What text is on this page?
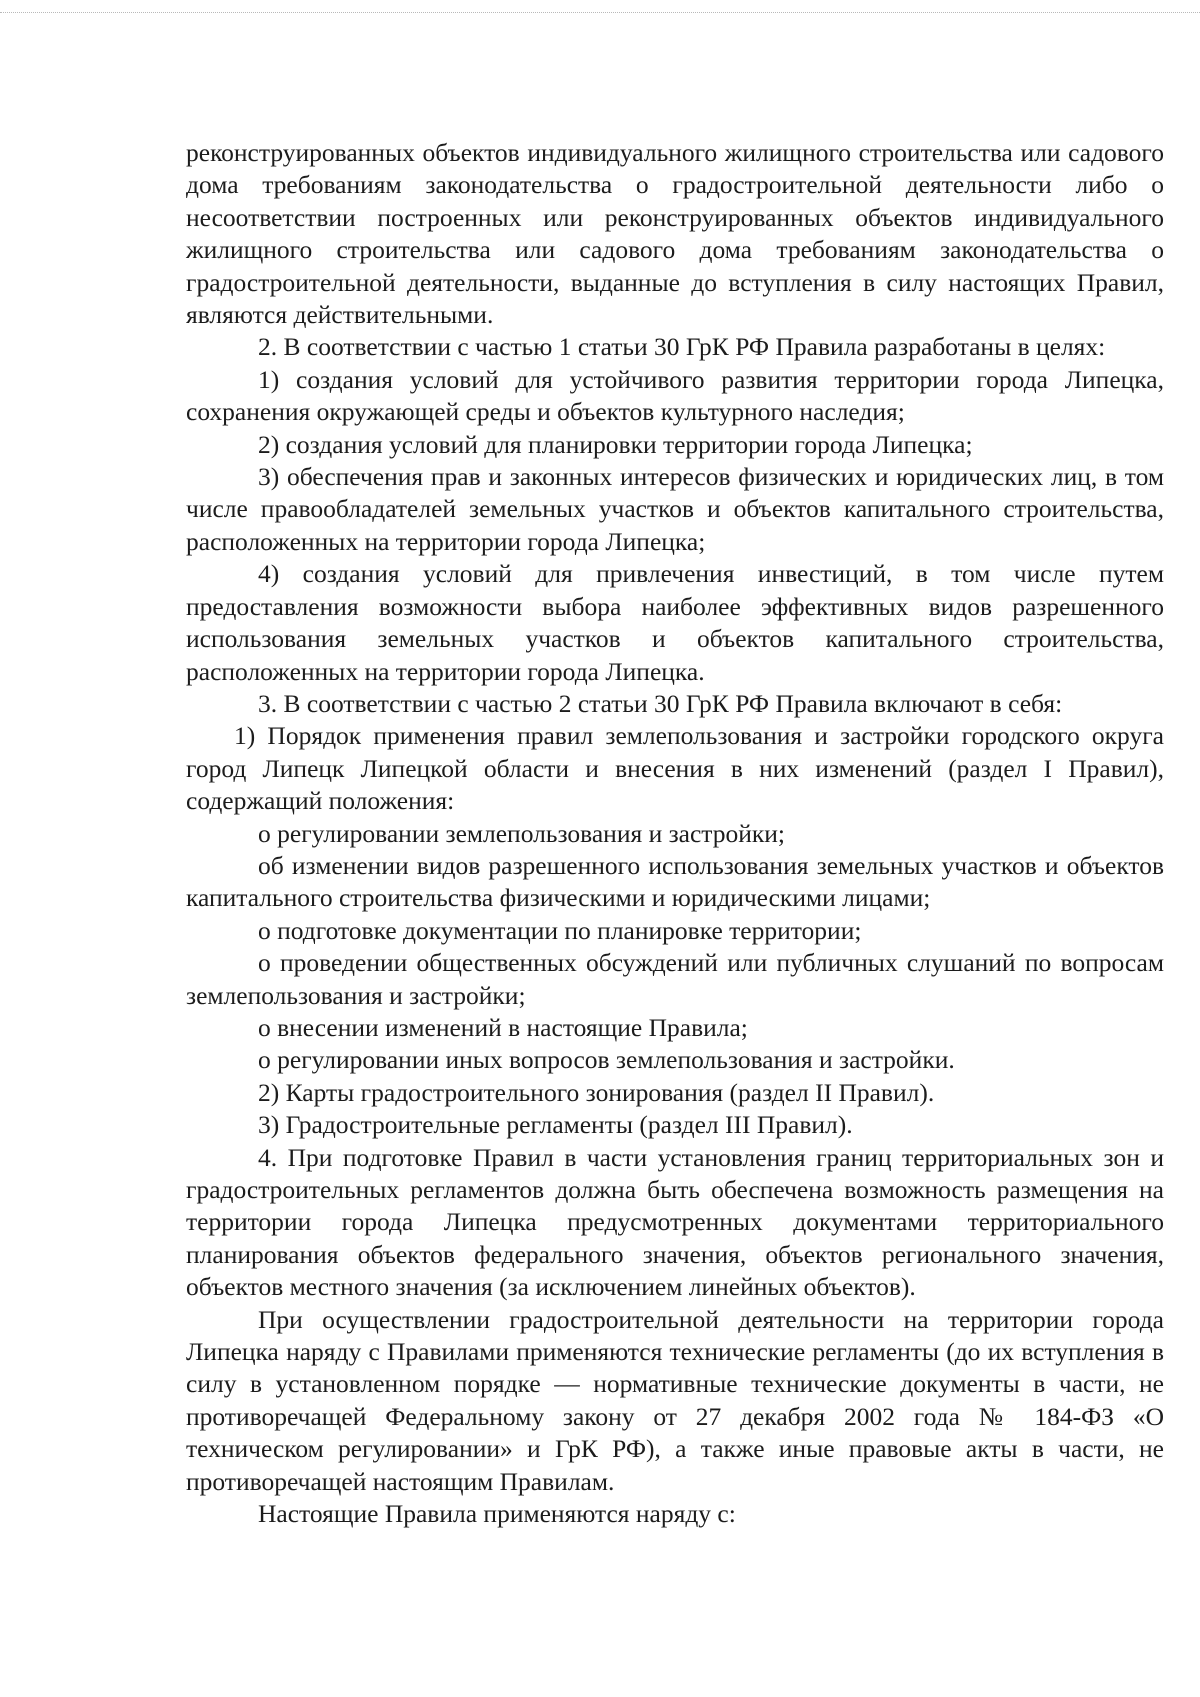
реконструированных объектов индивидуального жилищного строительства или садового дома требованиям законодательства о градостроительной деятельности либо о несоответствии построенных или реконструированных объектов индивидуального жилищного строительства или садового дома требованиям законодательства о градостроительной деятельности, выданные до вступления в силу настоящих Правил, являются действительными.

2. В соответствии с частью 1 статьи 30 ГрК РФ Правила разработаны в целях:

1) создания условий для устойчивого развития территории города Липецка, сохранения окружающей среды и объектов культурного наследия;

2) создания условий для планировки территории города Липецка;

3) обеспечения прав и законных интересов физических и юридических лиц, в том числе правообладателей земельных участков и объектов капитального строительства, расположенных на территории города Липецка;

4) создания условий для привлечения инвестиций, в том числе путем предоставления возможности выбора наиболее эффективных видов разрешенного использования земельных участков и объектов капитального строительства, расположенных на территории города Липецка.

3. В соответствии с частью 2 статьи 30 ГрК РФ Правила включают в себя:

1) Порядок применения правил землепользования и застройки городского округа город Липецк Липецкой области и внесения в них изменений (раздел I Правил), содержащий положения:

о регулировании землепользования и застройки;

об изменении видов разрешенного использования земельных участков и объектов капитального строительства физическими и юридическими лицами;

о подготовке документации по планировке территории;

о проведении общественных обсуждений или публичных слушаний по вопросам землепользования и застройки;

о внесении изменений в настоящие Правила;

о регулировании иных вопросов землепользования и застройки.

2) Карты градостроительного зонирования (раздел II Правил).

3) Градостроительные регламенты (раздел III Правил).

4. При подготовке Правил в части установления границ территориальных зон и градостроительных регламентов должна быть обеспечена возможность размещения на территории города Липецка предусмотренных документами территориального планирования объектов федерального значения, объектов регионального значения, объектов местного значения (за исключением линейных объектов).

При осуществлении градостроительной деятельности на территории города Липецка наряду с Правилами применяются технические регламенты (до их вступления в силу в установленном порядке — нормативные технические документы в части, не противоречащей Федеральному закону от 27 декабря 2002 года № 184-ФЗ «О техническом регулировании» и ГрК РФ), а также иные правовые акты в части, не противоречащей настоящим Правилам.

Настоящие Правила применяются наряду с:
